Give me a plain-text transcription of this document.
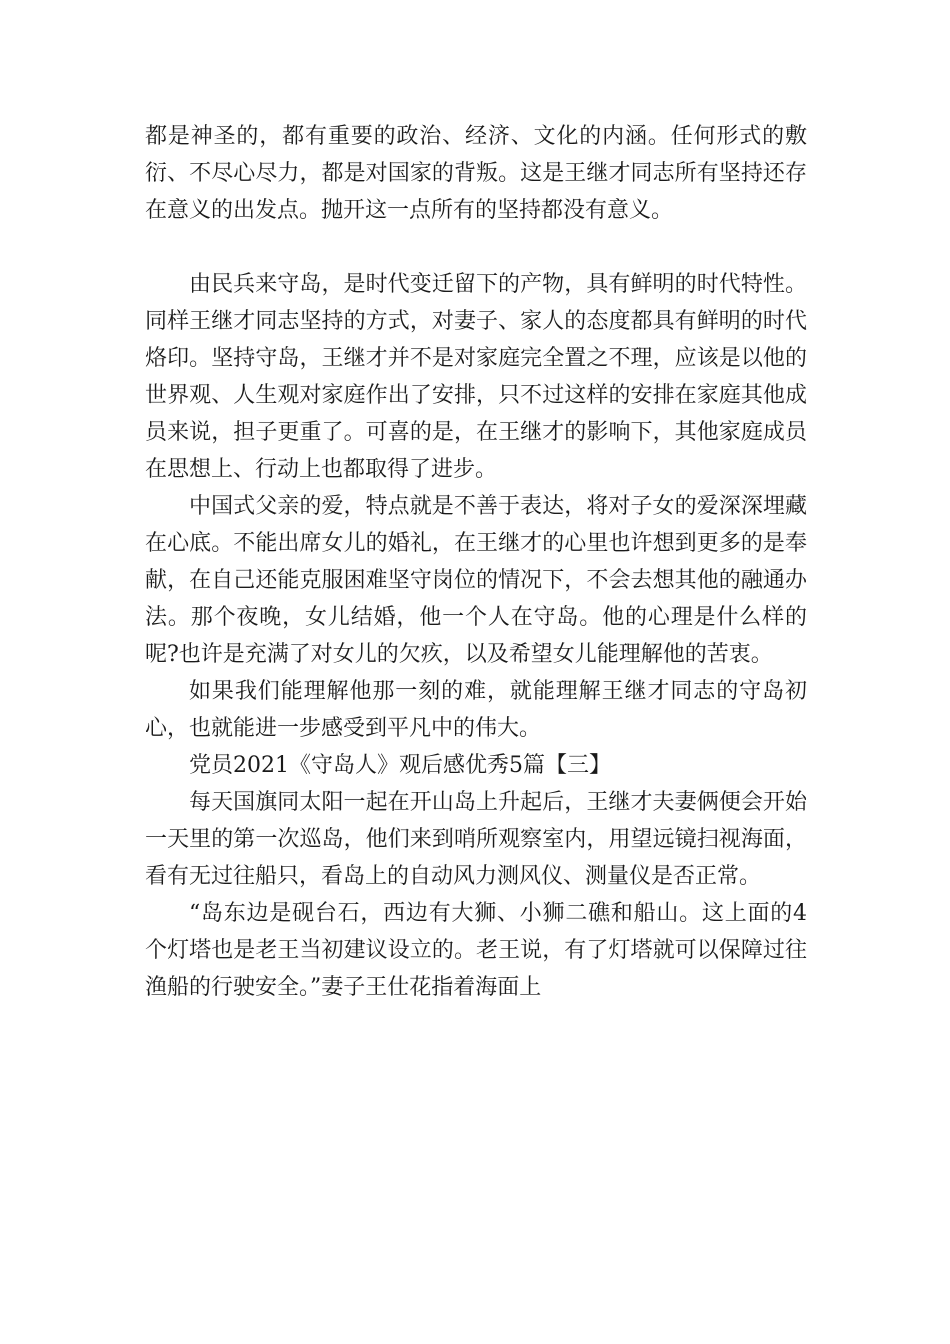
都是神圣的，都有重要的政治、经济、文化的内涵。任何形式的敷衍、不尽心尽力，都是对国家的背叛。这是王继才同志所有坚持还存在意义的出发点。抛开这一点所有的坚持都没有意义。

由民兵来守岛，是时代变迁留下的产物，具有鲜明的时代特性。同样王继才同志坚持的方式，对妻子、家人的态度都具有鲜明的时代烙印。坚持守岛，王继才并不是对家庭完全置之不理，应该是以他的世界观、人生观对家庭作出了安排，只不过这样的安排在家庭其他成员来说，担子更重了。可喜的是，在王继才的影响下，其他家庭成员在思想上、行动上也都取得了进步。

中国式父亲的爱，特点就是不善于表达，将对子女的爱深深埋藏在心底。不能出席女儿的婚礼，在王继才的心里也许想到更多的是奉献，在自己还能克服困难坚守岗位的情况下，不会去想其他的融通办法。那个夜晚，女儿结婚，他一个人在守岛。他的心理是什么样的呢?也许是充满了对女儿的欠疚，以及希望女儿能理解他的苦衷。

如果我们能理解他那一刻的难，就能理解王继才同志的守岛初心，也就能进一步感受到平凡中的伟大。

党员2021《守岛人》观后感优秀5篇【三】

每天国旗同太阳一起在开山岛上升起后，王继才夫妻俩便会开始一天里的第一次巡岛，他们来到哨所观察室内，用望远镜扫视海面，看有无过往船只，看岛上的自动风力测风仪、测量仪是否正常。

“岛东边是砚台石，西边有大狮、小狮二礁和船山。这上面的4个灯塔也是老王当初建议设立的。老王说，有了灯塔就可以保障过往渔船的行驶安全。”妻子王仕花指着海面上
